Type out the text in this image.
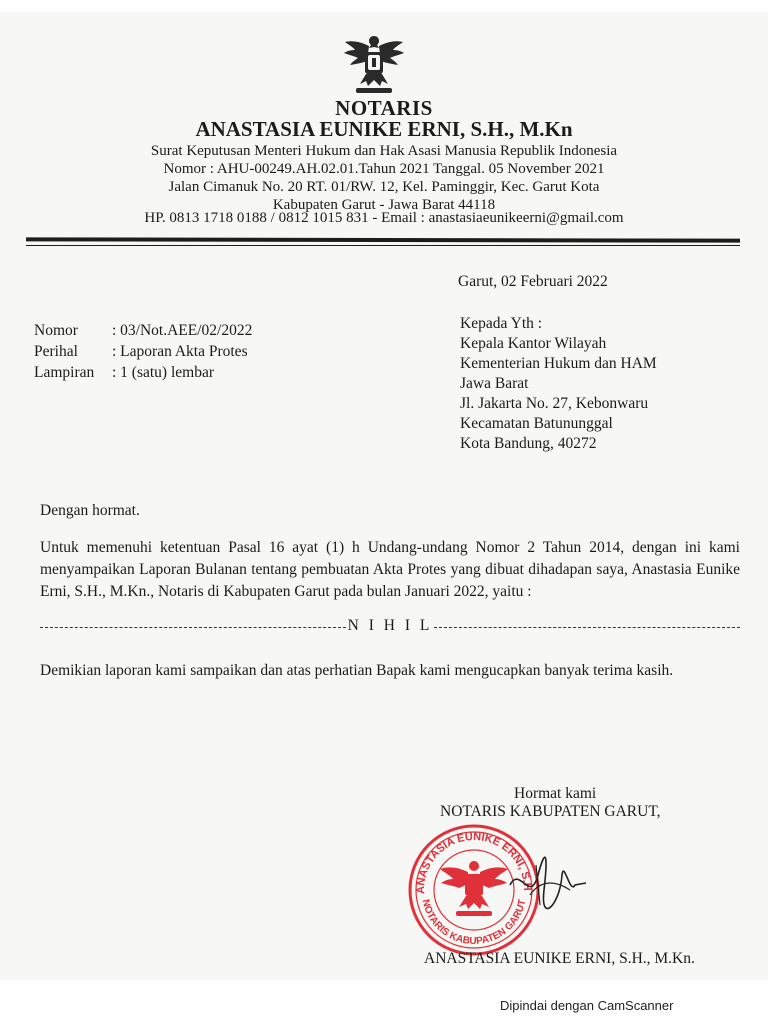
NOTARIS
ANASTASIA EUNIKE ERNI, S.H., M.Kn
Surat Keputusan Menteri Hukum dan Hak Asasi Manusia Republik Indonesia
Nomor : AHU-00249.AH.02.01.Tahun 2021 Tanggal. 05 November 2021
Jalan Cimanuk No. 20 RT. 01/RW. 12, Kel. Paminggir, Kec. Garut Kota
Kabupaten Garut - Jawa Barat 44118
HP. 0813 1718 0188 / 0812 1015 831 - Email : anastasiaeunikeerni@gmail.com
Garut, 02 Februari 2022
Nomor : 03/Not.AEE/02/2022
Perihal : Laporan Akta Protes
Lampiran : 1 (satu) lembar
Kepada Yth :
Kepala Kantor Wilayah
Kementerian Hukum dan HAM
Jawa Barat
Jl. Jakarta No. 27, Kebonwaru
Kecamatan Batununggal
Kota Bandung, 40272
Dengan hormat.
Untuk memenuhi ketentuan Pasal 16 ayat (1) h Undang-undang Nomor 2 Tahun 2014, dengan ini kami menyampaikan Laporan Bulanan tentang pembuatan Akta Protes yang dibuat dihadapan saya, Anastasia Eunike Erni, S.H., M.Kn., Notaris di Kabupaten Garut pada bulan Januari 2022, yaitu :
N I H I L
Demikian laporan kami sampaikan dan atas perhatian Bapak kami mengucapkan banyak terima kasih.
Hormat kami
NOTARIS KABUPATEN GARUT,
ANASTASIA EUNIKE ERNI, S.H
NOTARIS KABUPATEN GARUT
ANASTASIA EUNIKE ERNI, S.H., M.Kn.
Dipindai dengan CamScanner
